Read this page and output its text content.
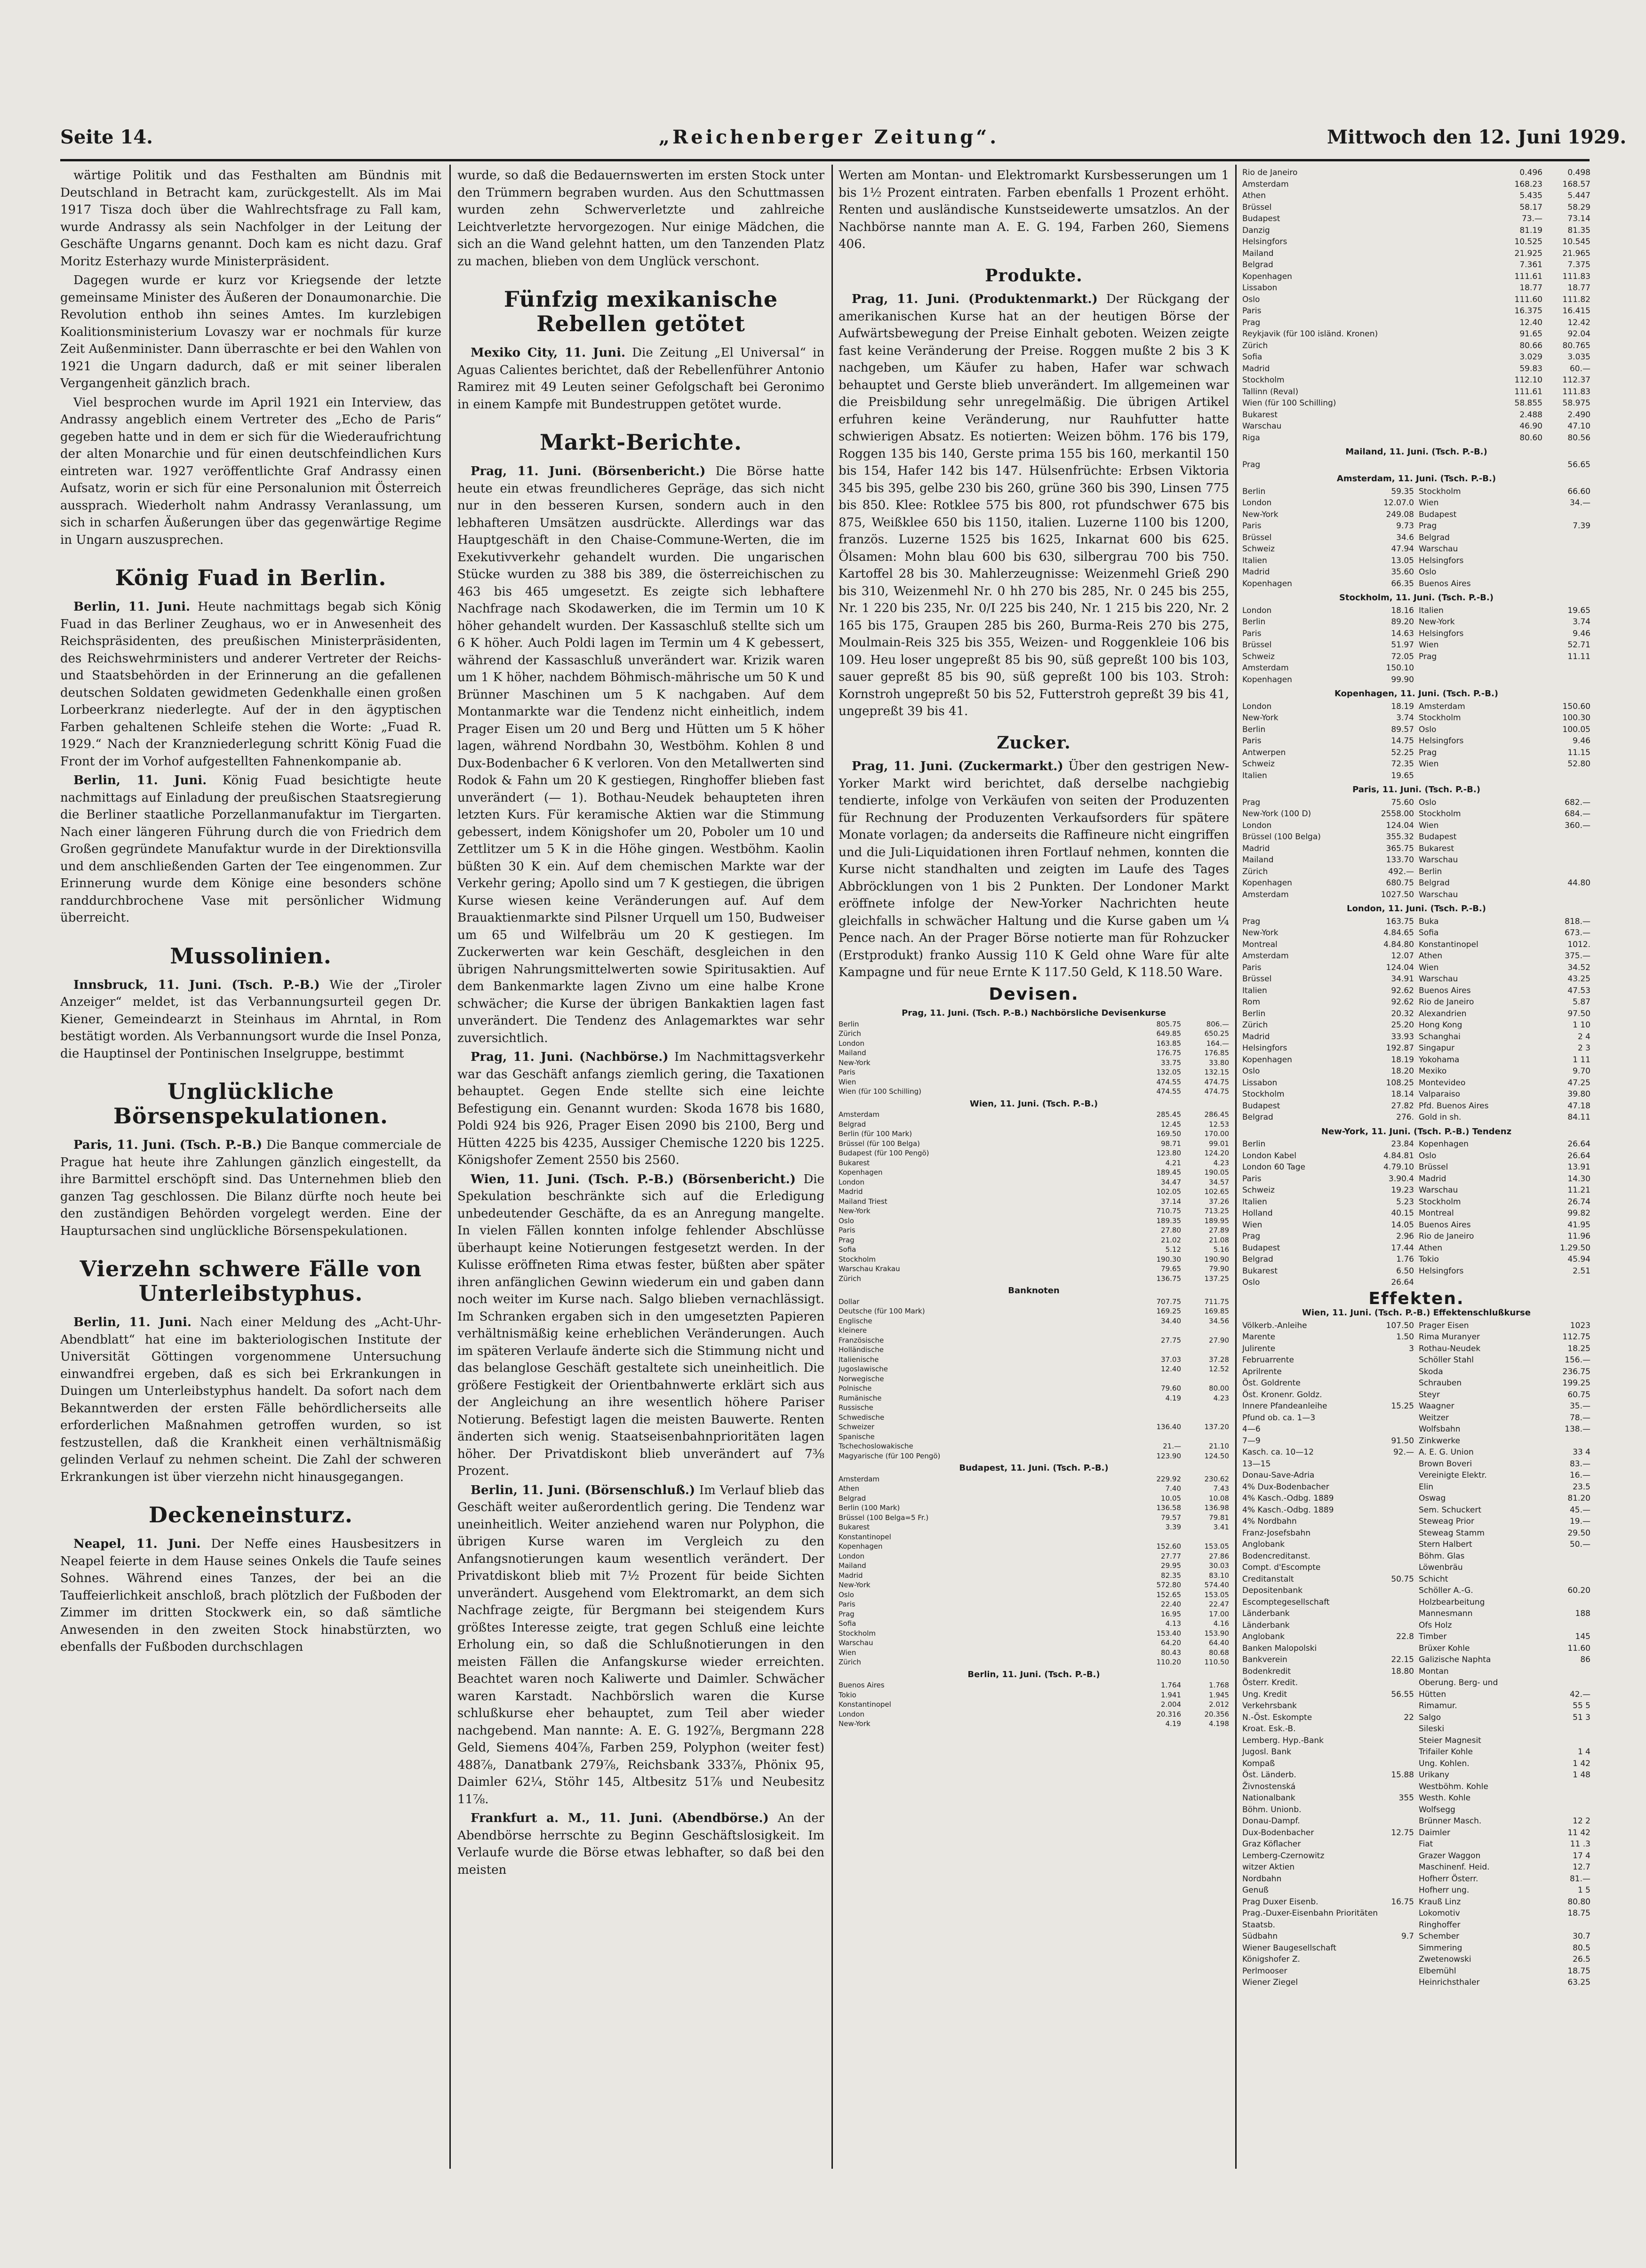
Seite 14.	„Reichenberger Zeitung“.	Mittwoch den 12. Juni 1929.

wärtige Politik und das Festhalten am Bündnis mit Deutschland in Betracht kam, zurückgestellt. Als im Mai 1917 Tisza doch über die Wahlrechtsfrage zu Fall kam, wurde Andrassy als sein Nachfolger in der Leitung der Geschäfte Ungarns genannt. Doch kam es nicht dazu. Graf Moritz Esterhazy wurde Ministerpräsident.

Dagegen wurde er kurz vor Kriegsende der letzte gemeinsame Minister des Äußeren der Donaumonarchie. Die Revolution enthob ihn seines Amtes. Im kurzlebigen Koalitionsministerium Lovaszy war er nochmals für kurze Zeit Außenminister. Dann überraschte er bei den Wahlen von 1921 die Ungarn dadurch, daß er mit seiner liberalen Vergangenheit gänzlich brach.

Viel besprochen wurde im April 1921 ein Interview, das Andrassy angeblich einem Vertreter des „Echo de Paris“ gegeben hatte und in dem er sich für die Wiederaufrichtung der alten Monarchie und für einen deutschfeindlichen Kurs eintreten war. 1927 veröffentlichte Graf Andrassy einen Aufsatz, worin er sich für eine Personalunion mit Österreich aussprach. Wiederholt nahm Andrassy Veranlassung, um sich in scharfen Äußerungen über das gegenwärtige Regime in Ungarn auszusprechen.

König Fuad in Berlin.

Berlin, 11. Juni. Heute nachmittags begab sich König Fuad in das Berliner Zeughaus, wo er in Anwesenheit des Reichspräsidenten, des preußischen Ministerpräsidenten, des Reichswehrministers und anderer Vertreter der Reichs- und Staatsbehörden in der Erinnerung an die gefallenen deutschen Soldaten gewidmeten Gedenkhalle einen großen Lorbeerkranz niederlegte. Auf der in den ägyptischen Farben gehaltenen Schleife stehen die Worte: „Fuad R. 1929.“ Nach der Kranzniederlegung schritt König Fuad die Front der im Vorhof aufgestellten Fahnenkompanie ab.

Berlin, 11. Juni. König Fuad besichtigte heute nachmittags auf Einladung der preußischen Staatsregierung die Berliner staatliche Porzellanmanufaktur im Tiergarten. Nach einer längeren Führung durch die von Friedrich dem Großen gegründete Manufaktur wurde in der Direktionsvilla und dem anschließenden Garten der Tee eingenommen. Zur Erinnerung wurde dem Könige eine besonders schöne randdurchbrochene Vase mit persönlicher Widmung überreicht.

Mussolinien.

Innsbruck, 11. Juni. (Tsch. P.-B.) Wie der „Tiroler Anzeiger“ meldet, ist das Verbannungsurteil gegen Dr. Kiener, Gemeindearzt in Steinhaus im Ahrntal, in Rom bestätigt worden. Als Verbannungsort wurde die Insel Ponza, die Hauptinsel der Pontinischen Inselgruppe, bestimmt

Unglückliche Börsenspekulationen.

Paris, 11. Juni. (Tsch. P.-B.) Die Banque commerciale de Prague hat heute ihre Zahlungen gänzlich eingestellt, da ihre Barmittel erschöpft sind. Das Unternehmen blieb den ganzen Tag geschlossen. Die Bilanz dürfte noch heute bei den zuständigen Behörden vorgelegt werden. Eine der Hauptursachen sind unglückliche Börsenspekulationen.

Vierzehn schwere Fälle von Unterleibstyphus.

Berlin, 11. Juni. Nach einer Meldung des „Acht-Uhr-Abendblatt“ hat eine im bakteriologischen Institute der Universität Göttingen vorgenommene Untersuchung einwandfrei ergeben, daß es sich bei Erkrankungen in Duingen um Unterleibstyphus handelt. Da sofort nach dem Bekanntwerden der ersten Fälle behördlicherseits alle erforderlichen Maßnahmen getroffen wurden, so ist festzustellen, daß die Krankheit einen verhältnismäßig gelinden Verlauf zu nehmen scheint. Die Zahl der schweren Erkrankungen ist über vierzehn nicht hinausgegangen.

Deckeneinsturz.

Neapel, 11. Juni. Der Neffe eines Hausbesitzers in Neapel feierte in dem Hause seines Onkels die Taufe seines Sohnes. Während eines Tanzes, der bei an die Tauffeierlichkeit anschloß, brach plötzlich der Fußboden der Zimmer im dritten Stockwerk ein, so daß sämtliche Anwesenden in den zweiten Stock hinabstürzten, wo ebenfalls der Fußboden durchschlagen

wurde, so daß die Bedauernswerten im ersten Stock unter den Trümmern begraben wurden. Aus den Schuttmassen wurden zehn Schwerverletzte und zahlreiche Leichtverletzte hervorgezogen. Nur einige Mädchen, die sich an die Wand gelehnt hatten, um den Tanzenden Platz zu machen, blieben von dem Unglück verschont.

Fünfzig mexikanische Rebellen getötet

Mexiko City, 11. Juni. Die Zeitung „El Universal“ in Aguas Calientes berichtet, daß der Rebellenführer Antonio Ramirez mit 49 Leuten seiner Gefolgschaft bei Geronimo in einem Kampfe mit Bundestruppen getötet wurde.

Markt-Berichte.

Prag, 11. Juni. (Börsenbericht.) Die Börse hatte heute ein etwas freundlicheres Gepräge, das sich nicht nur in den besseren Kursen, sondern auch in den lebhafteren Umsätzen ausdrückte. Allerdings war das Hauptgeschäft in den Chaise-Commune-Werten, die im Exekutivverkehr gehandelt wurden. Die ungarischen Stücke wurden zu 388 bis 389, die österreichischen zu 463 bis 465 umgesetzt. Es zeigte sich lebhaftere Nachfrage nach Skodawerken, die im Termin um 10 K höher gehandelt wurden. Der Kassaschluß stellte sich um 6 K höher. Auch Poldi lagen im Termin um 4 K gebessert, während der Kassaschluß unverändert war. Krizik waren um 1 K höher, nachdem Böhmisch-mährische um 50 K und Brünner Maschinen um 5 K nachgaben. Auf dem Montanmarkte war die Tendenz nicht einheitlich, indem Prager Eisen um 20 und Berg und Hütten um 5 K höher lagen, während Nordbahn 30, Westböhm. Kohlen 8 und Dux-Bodenbacher 6 K verloren. Von den Metallwerten sind Rodok & Fahn um 20 K gestiegen, Ringhoffer blieben fast unverändert (— 1). Bothau-Neudek behaupteten ihren letzten Kurs. Für keramische Aktien war die Stimmung gebessert, indem Königshofer um 20, Poboler um 10 und Zettlitzer um 5 K in die Höhe gingen. Westböhm. Kaolin büßten 30 K ein. Auf dem chemischen Markte war der Verkehr gering; Apollo sind um 7 K gestiegen, die übrigen Kurse wiesen keine Veränderungen auf. Auf dem Brauaktienmarkte sind Pilsner Urquell um 150, Budweiser um 65 und Wilfelbräu um 20 K gestiegen. Im Zuckerwerten war kein Geschäft, desgleichen in den übrigen Nahrungsmittelwerten sowie Spiritusaktien. Auf dem Bankenmarkte lagen Zivno um eine halbe Krone schwächer; die Kurse der übrigen Bankaktien lagen fast unverändert. Die Tendenz des Anlagemarktes war sehr zuversichtlich.

Prag, 11. Juni. (Nachbörse.) Im Nachmittagsverkehr war das Geschäft anfangs ziemlich gering, die Taxationen behauptet. Gegen Ende stellte sich eine leichte Befestigung ein. Genannt wurden: Skoda 1678 bis 1680, Poldi 924 bis 926, Prager Eisen 2090 bis 2100, Berg und Hütten 4225 bis 4235, Aussiger Chemische 1220 bis 1225. Königshofer Zement 2550 bis 2560.

Wien, 11. Juni. (Tsch. P.-B.) (Börsenbericht.) Die Spekulation beschränkte sich auf die Erledigung unbedeutender Geschäfte, da es an Anregung mangelte. In vielen Fällen konnten infolge fehlender Abschlüsse überhaupt keine Notierungen festgesetzt werden. In der Kulisse eröffneten Rima etwas fester, büßten aber später ihren anfänglichen Gewinn wiederum ein und gaben dann noch weiter im Kurse nach. Salgo blieben vernachlässigt. Im Schranken ergaben sich in den umgesetzten Papieren verhältnismäßig keine erheblichen Veränderungen. Auch im späteren Verlaufe änderte sich die Stimmung nicht und das belanglose Geschäft gestaltete sich uneinheitlich. Die größere Festigkeit der Orientbahnwerte erklärt sich aus der Angleichung an ihre wesentlich höhere Pariser Notierung. Befestigt lagen die meisten Bauwerte. Renten änderten sich wenig. Staatseisenbahnprioritäten lagen höher. Der Privatdiskont blieb unverändert auf 7⅜ Prozent.

Berlin, 11. Juni. (Börsenschluß.) Im Verlauf blieb das Geschäft weiter außerordentlich gering. Die Tendenz war uneinheitlich. Weiter anziehend waren nur Polyphon, die übrigen Kurse waren im Vergleich zu den Anfangsnotierungen kaum wesentlich verändert. Der Privatdiskont blieb mit 7½ Prozent für beide Sichten unverändert. Ausgehend vom Elektromarkt, an dem sich Nachfrage zeigte, für Bergmann bei steigendem Kurs größtes Interesse zeigte, trat gegen Schluß eine leichte Erholung ein, so daß die Schlußnotierungen in den meisten Fällen die Anfangskurse wieder erreichten. Beachtet waren noch Kaliwerte und Daimler. Schwächer waren Karstadt. Nachbörslich waren die Kurse schlußkurse eher behauptet, zum Teil aber wieder nachgebend. Man nannte: A. E. G. 192⅞, Bergmann 228 Geld, Siemens 404⅞, Farben 259, Polyphon (weiter fest) 488⅞, Danatbank 279⅞, Reichsbank 333⅞, Phönix 95, Daimler 62¼, Stöhr 145, Altbesitz 51⅞ und Neubesitz 11⅞.

Frankfurt a. M., 11. Juni. (Abendbörse.) An der Abendbörse herrschte zu Beginn Geschäftslosigkeit. Im Verlaufe wurde die Börse etwas lebhafter, so daß bei den meisten

Werten am Montan- und Elektromarkt Kursbesserungen um 1 bis 1½ Prozent eintraten. Farben ebenfalls 1 Prozent erhöht. Renten und ausländische Kunstseidewerte umsatzlos. An der Nachbörse nannte man A. E. G. 194, Farben 260, Siemens 406.

Produkte.

Prag, 11. Juni. (Produktenmarkt.) Der Rückgang der amerikanischen Kurse hat an der heutigen Börse der Aufwärtsbewegung der Preise Einhalt geboten. Weizen zeigte fast keine Veränderung der Preise. Roggen mußte 2 bis 3 K nachgeben, um Käufer zu haben, Hafer war schwach behauptet und Gerste blieb unverändert. Im allgemeinen war die Preisbildung sehr unregelmäßig. Die übrigen Artikel erfuhren keine Veränderung, nur Rauhfutter hatte schwierigen Absatz. Es notierten: Weizen böhm. 176 bis 179, Roggen 135 bis 140, Gerste prima 155 bis 160, merkantil 150 bis 154, Hafer 142 bis 147. Hülsenfrüchte: Erbsen Viktoria 345 bis 395, gelbe 230 bis 260, grüne 360 bis 390, Linsen 775 bis 850. Klee: Rotklee 575 bis 800, rot pfundschwer 675 bis 875, Weißklee 650 bis 1150, italien. Luzerne 1100 bis 1200, französ. Luzerne 1525 bis 1625, Inkarnat 600 bis 625. Ölsamen: Mohn blau 600 bis 630, silbergrau 700 bis 750. Kartoffel 28 bis 30. Mahlerzeugnisse: Weizenmehl Grieß 290 bis 310, Weizenmehl Nr. 0 hh 270 bis 285, Nr. 0 245 bis 255, Nr. 1 220 bis 235, Nr. 0/I 225 bis 240, Nr. 1 215 bis 220, Nr. 2 165 bis 175, Graupen 285 bis 260, Burma-Reis 270 bis 275, Moulmain-Reis 325 bis 355, Weizen- und Roggenkleie 106 bis 109. Heu loser ungepreßt 85 bis 90, süß gepreßt 100 bis 103, sauer gepreßt 85 bis 90, süß gepreßt 100 bis 103. Stroh: Kornstroh ungepreßt 50 bis 52, Futterstroh gepreßt 39 bis 41, ungepreßt 39 bis 41.

Zucker.

Prag, 11. Juni. (Zuckermarkt.) Über den gestrigen New-Yorker Markt wird berichtet, daß derselbe nachgiebig tendierte, infolge von Verkäufen von seiten der Produzenten für Rechnung der Produzenten Verkaufsorders für spätere Monate vorlagen; da anderseits die Raffineure nicht eingriffen und die Juli-Liquidationen ihren Fortlauf nehmen, konnten die Kurse nicht standhalten und zeigten im Laufe des Tages Abbröcklungen von 1 bis 2 Punkten. Der Londoner Markt eröffnete infolge der New-Yorker Nachrichten heute gleichfalls in schwächer Haltung und die Kurse gaben um ¼ Pence nach. An der Prager Börse notierte man für Rohzucker (Erstprodukt) franko Aussig 110 K Geld ohne Ware für alte Kampagne und für neue Ernte K 117.50 Geld, K 118.50 Ware.

Devisen.
Prag, 11. Juni. (Tsch. P.-B.) Nachbörsliche Devisenkurse
Berlin	805.75	806.—
Zürich	649.85	650.25
London	163.85	164.—
Mailand	176.75	176.85
New-York	33.75	33.80
Paris	132.05	132.15
Wien	474.55	474.75
Wien (für 100 Schilling)	474.55	474.75
Wien, 11. Juni. (Tsch. P.-B.)
Amsterdam	285.45	286.45
Belgrad	12.45	12.53
Berlin (für 100 Mark)	169.50	170.00
Brüssel (für 100 Belga)	98.71	99.01
Budapest (für 100 Pengö)	123.80	124.20
Bukarest	4.21	4.23
Kopenhagen	189.45	190.05
London	34.47	34.57
Madrid	102.05	102.65
Mailand Triest	37.14	37.26
New-York	710.75	713.25
Oslo	189.35	189.95
Paris	27.80	27.89
Prag	21.02	21.08
Sofia	5.12	5.16
Stockholm	190.30	190.90
Warschau Krakau	79.65	79.90
Zürich	136.75	137.25
Banknoten
Dollar	707.75	711.75
Deutsche (für 100 Mark)	169.25	169.85
Englische	34.40	34.56
kleinere
Französische	27.75	27.90
Holländische
Italienische	37.03	37.28
Jugoslawische	12.40	12.52
Norwegische
Polnische	79.60	80.00
Rumänische	4.19	4.23
Russische
Schwedische
Schweizer	136.40	137.20
Spanische
Tschechoslowakische	21.—	21.10
Magyarische (für 100 Pengö)	123.90	124.50
Budapest, 11. Juni. (Tsch. P.-B.)
Amsterdam	229.92	230.62
Athen	7.40	7.43
Belgrad	10.05	10.08
Berlin (100 Mark)	136.58	136.98
Brüssel (100 Belga=5 Fr.)	79.57	79.81
Bukarest	3.39	3.41
Konstantinopel
Kopenhagen	152.60	153.05
London	27.77	27.86
Mailand	29.95	30.03
Madrid	82.35	83.10
New-York	572.80	574.40
Oslo	152.65	153.05
Paris	22.40	22.47
Prag	16.95	17.00
Sofia	4.13	4.16
Stockholm	153.40	153.90
Warschau	64.20	64.40
Wien	80.43	80.68
Zürich	110.20	110.50
Berlin, 11. Juni. (Tsch. P.-B.)
Buenos Aires	1.764	1.768
Tokio	1.941	1.945
Konstantinopel	2.004	2.012
London	20.316	20.356
New-York	4.19	4.198
Rio de Janeiro	0.496	0.498
Amsterdam	168.23	168.57
Athen	5.435	5.447
Brüssel	58.17	58.29
Budapest	73.—	73.14
Danzig	81.19	81.35
Helsingfors	10.525	10.545
Mailand	21.925	21.965
Belgrad	7.361	7.375
Kopenhagen	111.61	111.83
Lissabon	18.77	18.77
Oslo	111.60	111.82
Paris	16.375	16.415
Prag	12.40	12.42
Reykjavik (für 100 isländ. Kronen)	91.65	92.04
Zürich	80.66	80.765
Sofia	3.029	3.035
Madrid	59.83	60.—
Stockholm	112.10	112.37
Tallinn (Reval)	111.61	111.83
Wien (für 100 Schilling)	58.855	58.975
Bukarest	2.488	2.490
Warschau	46.90	47.10
Riga	80.60	80.56
Mailand, 11. Juni. (Tsch. P.-B.)
Prag	56.65
Amsterdam, 11. Juni. (Tsch. P.-B.)
Berlin	59.35 Stockholm	66.60
London	12.07.0 Wien	34.—
New-York	249.08 Budapest
Paris	9.73 Prag	7.39
Brüssel	34.6 Belgrad
Schweiz	47.94 Warschau
Italien	13.05 Helsingfors
Madrid	35.60 Oslo
Kopenhagen	66.35 Buenos Aires
Stockholm, 11. Juni. (Tsch. P.-B.)
London	18.16 Italien	19.65
Berlin	89.20 New-York	3.74
Paris	14.63 Helsingfors	9.46
Brüssel	51.97 Wien	52.71
Schweiz	72.05 Prag	11.11
Amsterdam	150.10
Kopenhagen	99.90
Kopenhagen, 11. Juni. (Tsch. P.-B.)
London	18.19 Amsterdam	150.60
New-York	3.74 Stockholm	100.30
Berlin	89.57 Oslo	100.05
Paris	14.75 Helsingfors	9.46
Antwerpen	52.25 Prag	11.15
Schweiz	72.35 Wien	52.80
Italien	19.65
Paris, 11. Juni. (Tsch. P.-B.)
Prag	75.60 Oslo	682.—
New-York (100 D)	2558.00 Stockholm	684.—
London	124.04 Wien	360.—
Brüssel (100 Belga)	355.32 Budapest
Madrid	365.75 Bukarest
Mailand	133.70 Warschau
Zürich	492.— Berlin
Kopenhagen	680.75 Belgrad	44.80
Amsterdam	1027.50 Warschau
London, 11. Juni. (Tsch. P.-B.)
Prag	163.75 Buka	818.—
New-York	4.84.65 Sofia	673.—
Montreal	4.84.80 Konstantinopel	1012.
Amsterdam	12.07 Athen	375.—
Paris	124.04 Wien	34.52
Brüssel	34.91 Warschau	43.25
Italien	92.62 Buenos Aires	47.53
Rom	92.62 Rio de Janeiro	5.87
Berlin	20.32 Alexandrien	97.50
Zürich	25.20 Hong Kong	1 10
Madrid	33.93 Schanghai	2 4
Helsingfors	192.87 Singapur	2 3
Kopenhagen	18.19 Yokohama	1 11
Oslo	18.20 Mexiko	9.70
Lissabon	108.25 Montevideo	47.25
Stockholm	18.14 Valparaiso	39.80
Budapest	27.82 Pfd. Buenos Aires	47.18
Belgrad	276. Gold in sh.	84.11
New-York, 11. Juni. (Tsch. P.-B.) Tendenz
Berlin	23.84 Kopenhagen	26.64
London Kabel	4.84.81 Oslo	26.64
London 60 Tage	4.79.10 Brüssel	13.91
Paris	3.90.4 Madrid	14.30
Schweiz	19.23 Warschau	11.21
Italien	5.23 Stockholm	26.74
Holland	40.15 Montreal	99.82
Wien	14.05 Buenos Aires	41.95
Prag	2.96 Rio de Janeiro	11.96
Budapest	17.44 Athen	1.29.50
Belgrad	1.76 Tokio	45.94
Bukarest	6.50 Helsingfors	2.51
Oslo	26.64
Effekten.
Wien, 11. Juni. (Tsch. P.-B.) Effektenschlußkurse
Völkerb.-Anleihe	107.50 Prager Eisen	1023
Marente	1.50 Rima Muranyer	112.75
Julirente	3 Rothau-Neudek	18.25
Februarrente	Schöller Stahl	156.—
Aprilrente	Skoda	236.75
Öst. Goldrente	Schrauben	199.25
Öst. Kronenr. Goldz.	Steyr	60.75
Innere Pfandeanleihe	15.25 Waagner	35.—
Pfund ob. ca. 1—3	Weitzer	78.—
4—6	Wolfsbahn	138.—
7—9	91.50 Zinkwerke
Kasch. ca. 10—12	92.— A. E. G. Union	33 4
13—15	Brown Boveri	83.—
Donau-Save-Adria	Vereinigte Elektr.	16.—
4% Dux-Bodenbacher	Elin	23.5
4% Kasch.-Odbg. 1889	Oswag	81.20
4% Kasch.-Odbg. 1889	Sem. Schuckert	45.—
4% Nordbahn	Steweag Prior	19.—
Franz-Josefsbahn	Steweag Stamm	29.50
Anglobank	Stern Halbert	50.—
Bodencreditanst.	Böhm. Glas
Compt. d'Escompte	Löwenbräu
Creditanstalt	50.75 Schicht
Depositenbank	Schöller A.-G.	60.20
Escomptegesellschaft	Holzbearbeitung
Länderbank	Mannesmann	188
Länderbank	Ofs Holz
Anglobank	22.8 Timber	145
Banken Malopolski	Brüxer Kohle	11.60
Bankverein	22.15 Galizische Naphta	86
Bodenkredit	18.80 Montan
Österr. Kredit.	Oberung. Berg- und
Ung. Kredit	56.55 Hütten	42.—
Verkehrsbank	Rimamur.	55 5
N.-Öst. Eskompte	22 Salgo	51 3
Kroat. Esk.-B.	Sileski
Lemberg. Hyp.-Bank	Steier Magnesit
Jugosl. Bank	Trifailer Kohle	1 4
Kompaß	Ung. Kohlen.	1 42
Öst. Länderb.	15.88 Urikany	1 48
Živnostenská	Westböhm. Kohle
Nationalbank	355 Westh. Kohle
Böhm. Unionb.	Wolfsegg
Donau-Dampf.	Brünner Masch.	12 2
Dux-Bodenbacher	12.75 Daimler	11 42
Graz Köflacher	Fiat	11 .3
Lemberg-Czernowitz	Grazer Waggon	17 4
witzer Aktien	Maschinenf. Heid.	12.7
Nordbahn	Hofherr Österr.	81.—
Genuß	Hofherr ung.	1 5
Prag Duxer Eisenb.	16.75 Krauß Linz	80.80
Prag.-Duxer-Eisenbahn Prioritäten	Lokomotiv	18.75
Staatsb.	Ringhoffer
Südbahn	9.7 Schember	30.7
Wiener Baugesellschaft	Simmering	80.5
Königshofer Z.	Zwetenowski	26.5
Perlmooser	Elbemühl	18.75
Wiener Ziegel	Heinrichsthaler	63.25
